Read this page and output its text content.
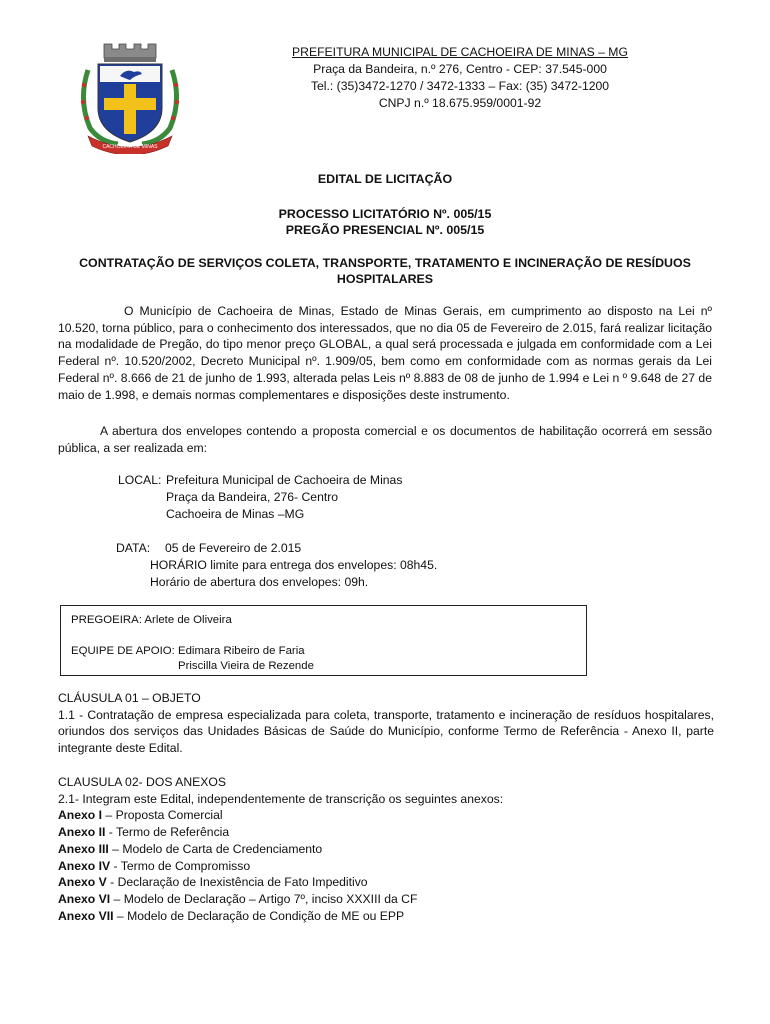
CACHOEIRA DE MINAS
PREFEITURA MUNICIPAL DE CACHOEIRA DE MINAS – MG
Praça da Bandeira, n.º 276, Centro - CEP: 37.545-000
Tel.: (35)3472-1270 / 3472-1333 – Fax: (35) 3472-1200
CNPJ n.º 18.675.959/0001-92
EDITAL DE LICITAÇÃO
PROCESSO LICITATÓRIO Nº. 005/15
PREGÃO PRESENCIAL Nº. 005/15
CONTRATAÇÃO DE SERVIÇOS COLETA, TRANSPORTE, TRATAMENTO E INCINERAÇÃO DE RESÍDUOS HOSPITALARES
O Município de Cachoeira de Minas, Estado de Minas Gerais, em cumprimento ao disposto na Lei nº 10.520, torna público, para o conhecimento dos interessados, que no dia 05 de Fevereiro de 2.015, fará realizar licitação na modalidade de Pregão, do tipo menor preço GLOBAL, a qual será processada e julgada em conformidade com a Lei Federal nº. 10.520/2002, Decreto Municipal nº. 1.909/05, bem como em conformidade com as normas gerais da Lei Federal nº. 8.666 de 21 de junho de 1.993, alterada pelas Leis nº 8.883 de 08 de junho de 1.994 e Lei n º 9.648 de 27 de maio de 1.998, e demais normas complementares e disposições deste instrumento.
A abertura dos envelopes contendo a proposta comercial e os documentos de habilitação ocorrerá em sessão pública, a ser realizada em:
LOCAL: Prefeitura Municipal de Cachoeira de Minas
Praça da Bandeira, 276- Centro
Cachoeira de Minas –MG
DATA: 05 de Fevereiro de 2.015
HORÁRIO limite para entrega dos envelopes: 08h45.
Horário de abertura dos envelopes: 09h.
PREGOEIRA: Arlete de Oliveira
EQUIPE DE APOIO: Edimara Ribeiro de Faria
Priscilla Vieira de Rezende

CLÁUSULA 01 – OBJETO

1.1 - Contratação de empresa especializada para coleta, transporte, tratamento e incineração de resíduos hospitalares, oriundos dos serviços das Unidades Básicas de Saúde do Município, conforme Termo de Referência - Anexo II, parte integrante deste Edital.

CLAUSULA 02- DOS ANEXOS

2.1- Integram este Edital, independentemente de transcrição os seguintes anexos:

Anexo I – Proposta Comercial

Anexo II - Termo de Referência

Anexo III – Modelo de Carta de Credenciamento

Anexo IV - Termo de Compromisso

Anexo V - Declaração de Inexistência de Fato Impeditivo

Anexo VI – Modelo de Declaração – Artigo 7º, inciso XXXIII da CF

Anexo VII – Modelo de Declaração de Condição de ME ou EPP
